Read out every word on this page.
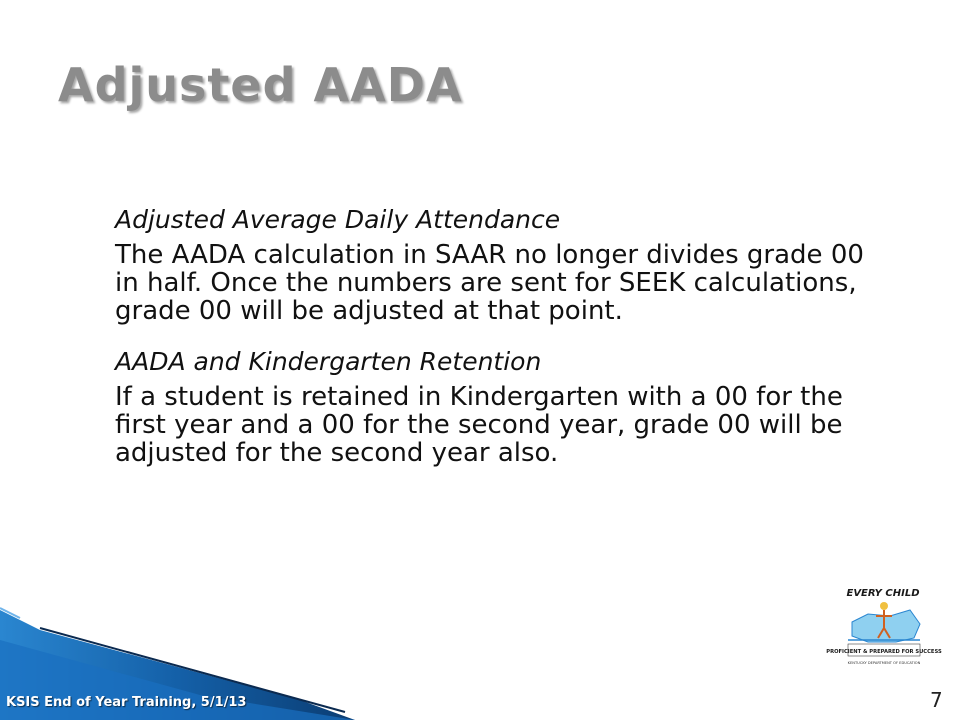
Adjusted AADA

Adjusted Average Daily Attendance

The AADA calculation in SAAR no longer divides grade 00 in half. Once the numbers are sent for SEEK calculations, grade 00 will be adjusted at that point.

AADA and Kindergarten Retention

If a student is retained in Kindergarten with a 00 for the first year and a 00 for the second year, grade 00 will be adjusted for the second year also.

KSIS End of Year Training, 5/1/13
EVERY CHILD
PROFICIENT & PREPARED FOR SUCCESS
KENTUCKY DEPARTMENT OF EDUCATION
7
